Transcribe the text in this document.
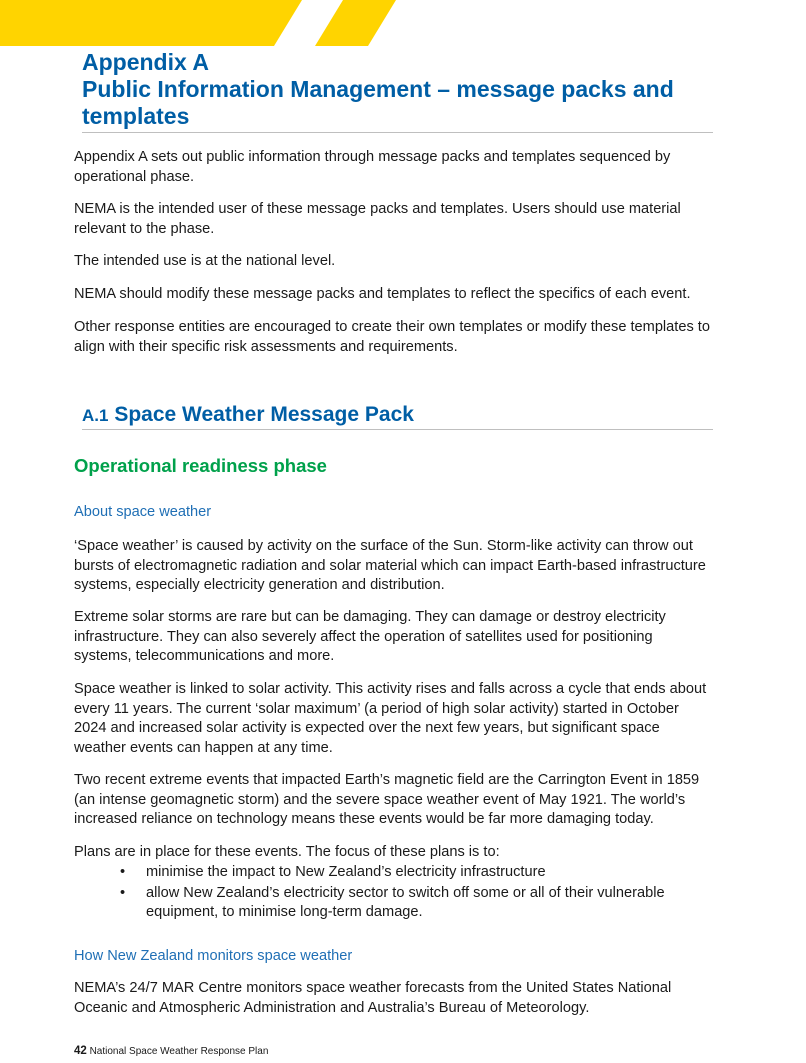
Appendix A

Public Information Management – message packs and

templates

Appendix A sets out public information through message packs and templates sequenced by operational phase.

NEMA is the intended user of these message packs and templates. Users should use material relevant to the phase.

The intended use is at the national level.

NEMA should modify these message packs and templates to reflect the specifics of each event.

Other response entities are encouraged to create their own templates or modify these templates to align with their specific risk assessments and requirements.

A.1 Space Weather Message Pack
Operational readiness phase
About space weather

‘Space weather’ is caused by activity on the surface of the Sun. Storm-like activity can throw out bursts of electromagnetic radiation and solar material which can impact Earth-based infrastructure systems, especially electricity generation and distribution.

Extreme solar storms are rare but can be damaging. They can damage or destroy electricity infrastructure. They can also severely affect the operation of satellites used for positioning systems, telecommunications and more.

Space weather is linked to solar activity. This activity rises and falls across a cycle that ends about every 11 years. The current ‘solar maximum’ (a period of high solar activity) started in October 2024 and increased solar activity is expected over the next few years, but significant space weather events can happen at any time.

Two recent extreme events that impacted Earth’s magnetic field are the Carrington Event in 1859 (an intense geomagnetic storm) and the severe space weather event of May 1921. The world’s increased reliance on technology means these events would be far more damaging today.

Plans are in place for these events. The focus of these plans is to:

• minimise the impact to New Zealand’s electricity infrastructure
• allow New Zealand’s electricity sector to switch off some or all of their vulnerable equipment, to minimise long-term damage.
How New Zealand monitors space weather

NEMA’s 24/7 MAR Centre monitors space weather forecasts from the United States National Oceanic and Atmospheric Administration and Australia’s Bureau of Meteorology.

42 National Space Weather Response Plan
